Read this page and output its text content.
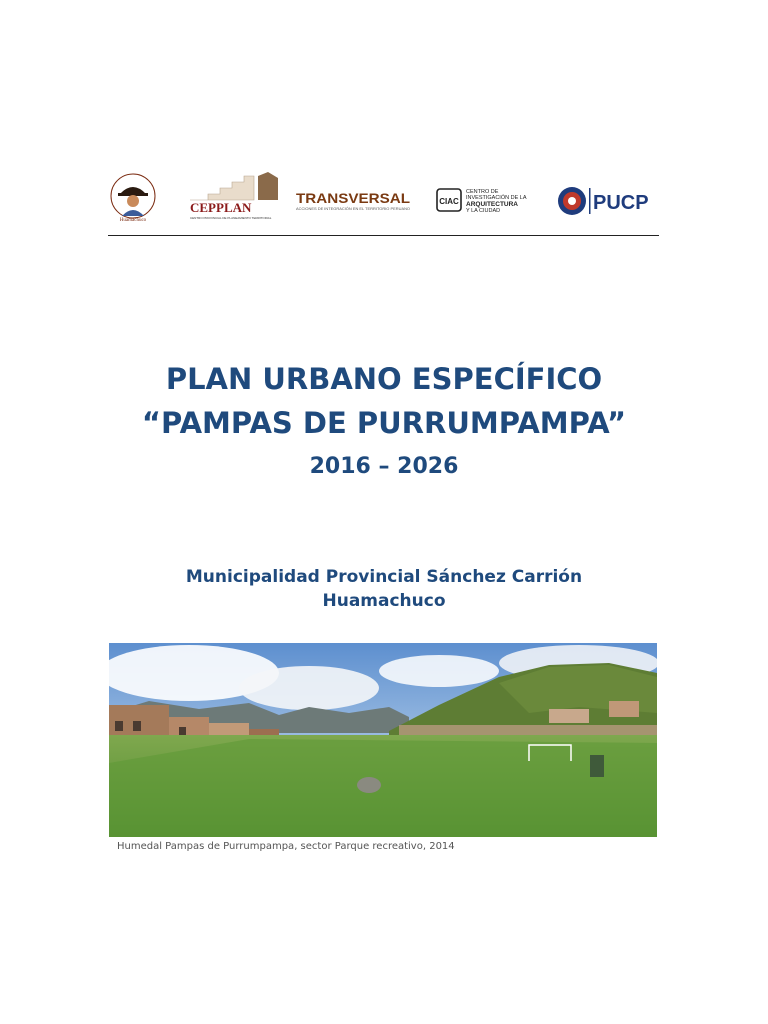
Huamachuco
CEPPLAN
CENTRO PROVINCIAL DE PLANEAMIENTO TERRITORIAL
TRANSVERSAL
ACCIONES DE INTEGRACIÓN EN EL TERRITORIO PERUANO
CIAC
CENTRO DE
INVESTIGACIÓN DE LA
ARQUITECTURA
Y LA CIUDAD	PUCP
PLAN URBANO ESPECÍFICO
“PAMPAS DE PURRUMPAMPA”
2016 – 2026
Municipalidad Provincial Sánchez Carrión
Huamachuco
Humedal Pampas de Purrumpampa, sector Parque recreativo, 2014
